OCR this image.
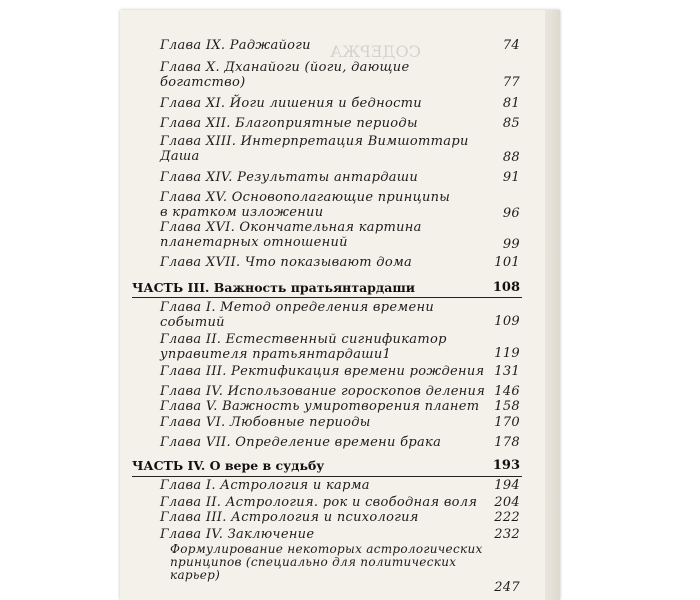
СОДЕРЖА
Глава IX. Раджайоги	74
Глава X. Дханайоги (йоги, дающие
богатство)	77
Глава XI. Йоги лишения и бедности	81
Глава XII. Благоприятные периоды	85
Глава XIII. Интерпретация Вимшоттари
Даша	88
Глава XIV. Результаты антардаши	91
Глава XV. Основополагающие принципы
в кратком изложении	96
Глава XVI. Окончательная картина
планетарных отношений	99
Глава XVII. Что показывают дома	101
ЧАСТЬ III. Важность пратьянтардаши	108
Глава I. Метод определения времени
событий	109
Глава II. Естественный сигнификатор
управителя пратьянтардаши1	119
Глава III. Ректификация времени рождения 131
Глава IV. Использование гороскопов деления 146
Глава V. Важность умиротворения планет	158
Глава VI. Любовные периоды	170
Глава VII. Определение времени брака	178
ЧАСТЬ IV. О вере в судьбу	193
Глава I. Астрология и карма	194
Глава II. Астрология. рок и свободная воля	204
Глава III. Астрология и психология	222
Глава IV. Заключение	232
Формулирование некоторых астрологических
принципов (специально для политических
карьер)
247
